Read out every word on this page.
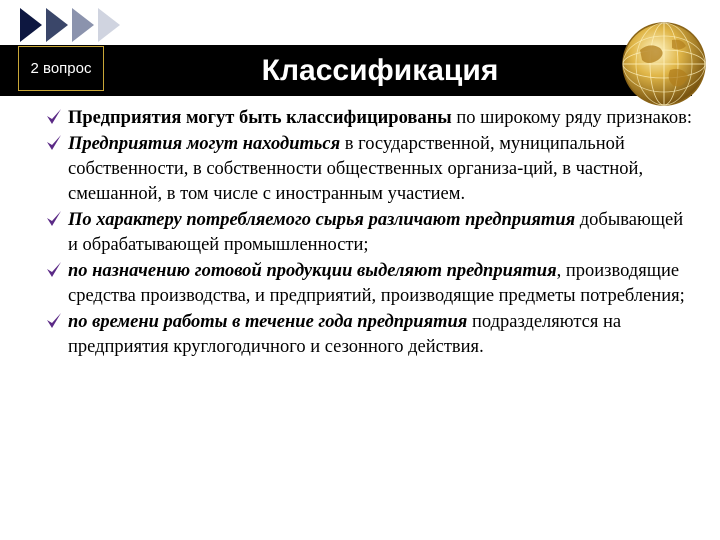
2 вопрос	Классификация
Предприятия могут быть классифицированы по широкому ряду признаков:
Предприятия могут находиться в государственной, муниципальной собственности, в собственности общественных организа-ций, в частной, смешанной, в том числе с иностранным участием.
По характеру потребляемого сырья различают предприятия добывающей и обрабатывающей промышленности;
по назначению готовой продукции выделяют предприятия, производящие средства производства, и предприятий, производящие предметы потребления;
по времени работы в течение года предприятия подразделяются на предприятия круглогодичного и сезонного действия.
